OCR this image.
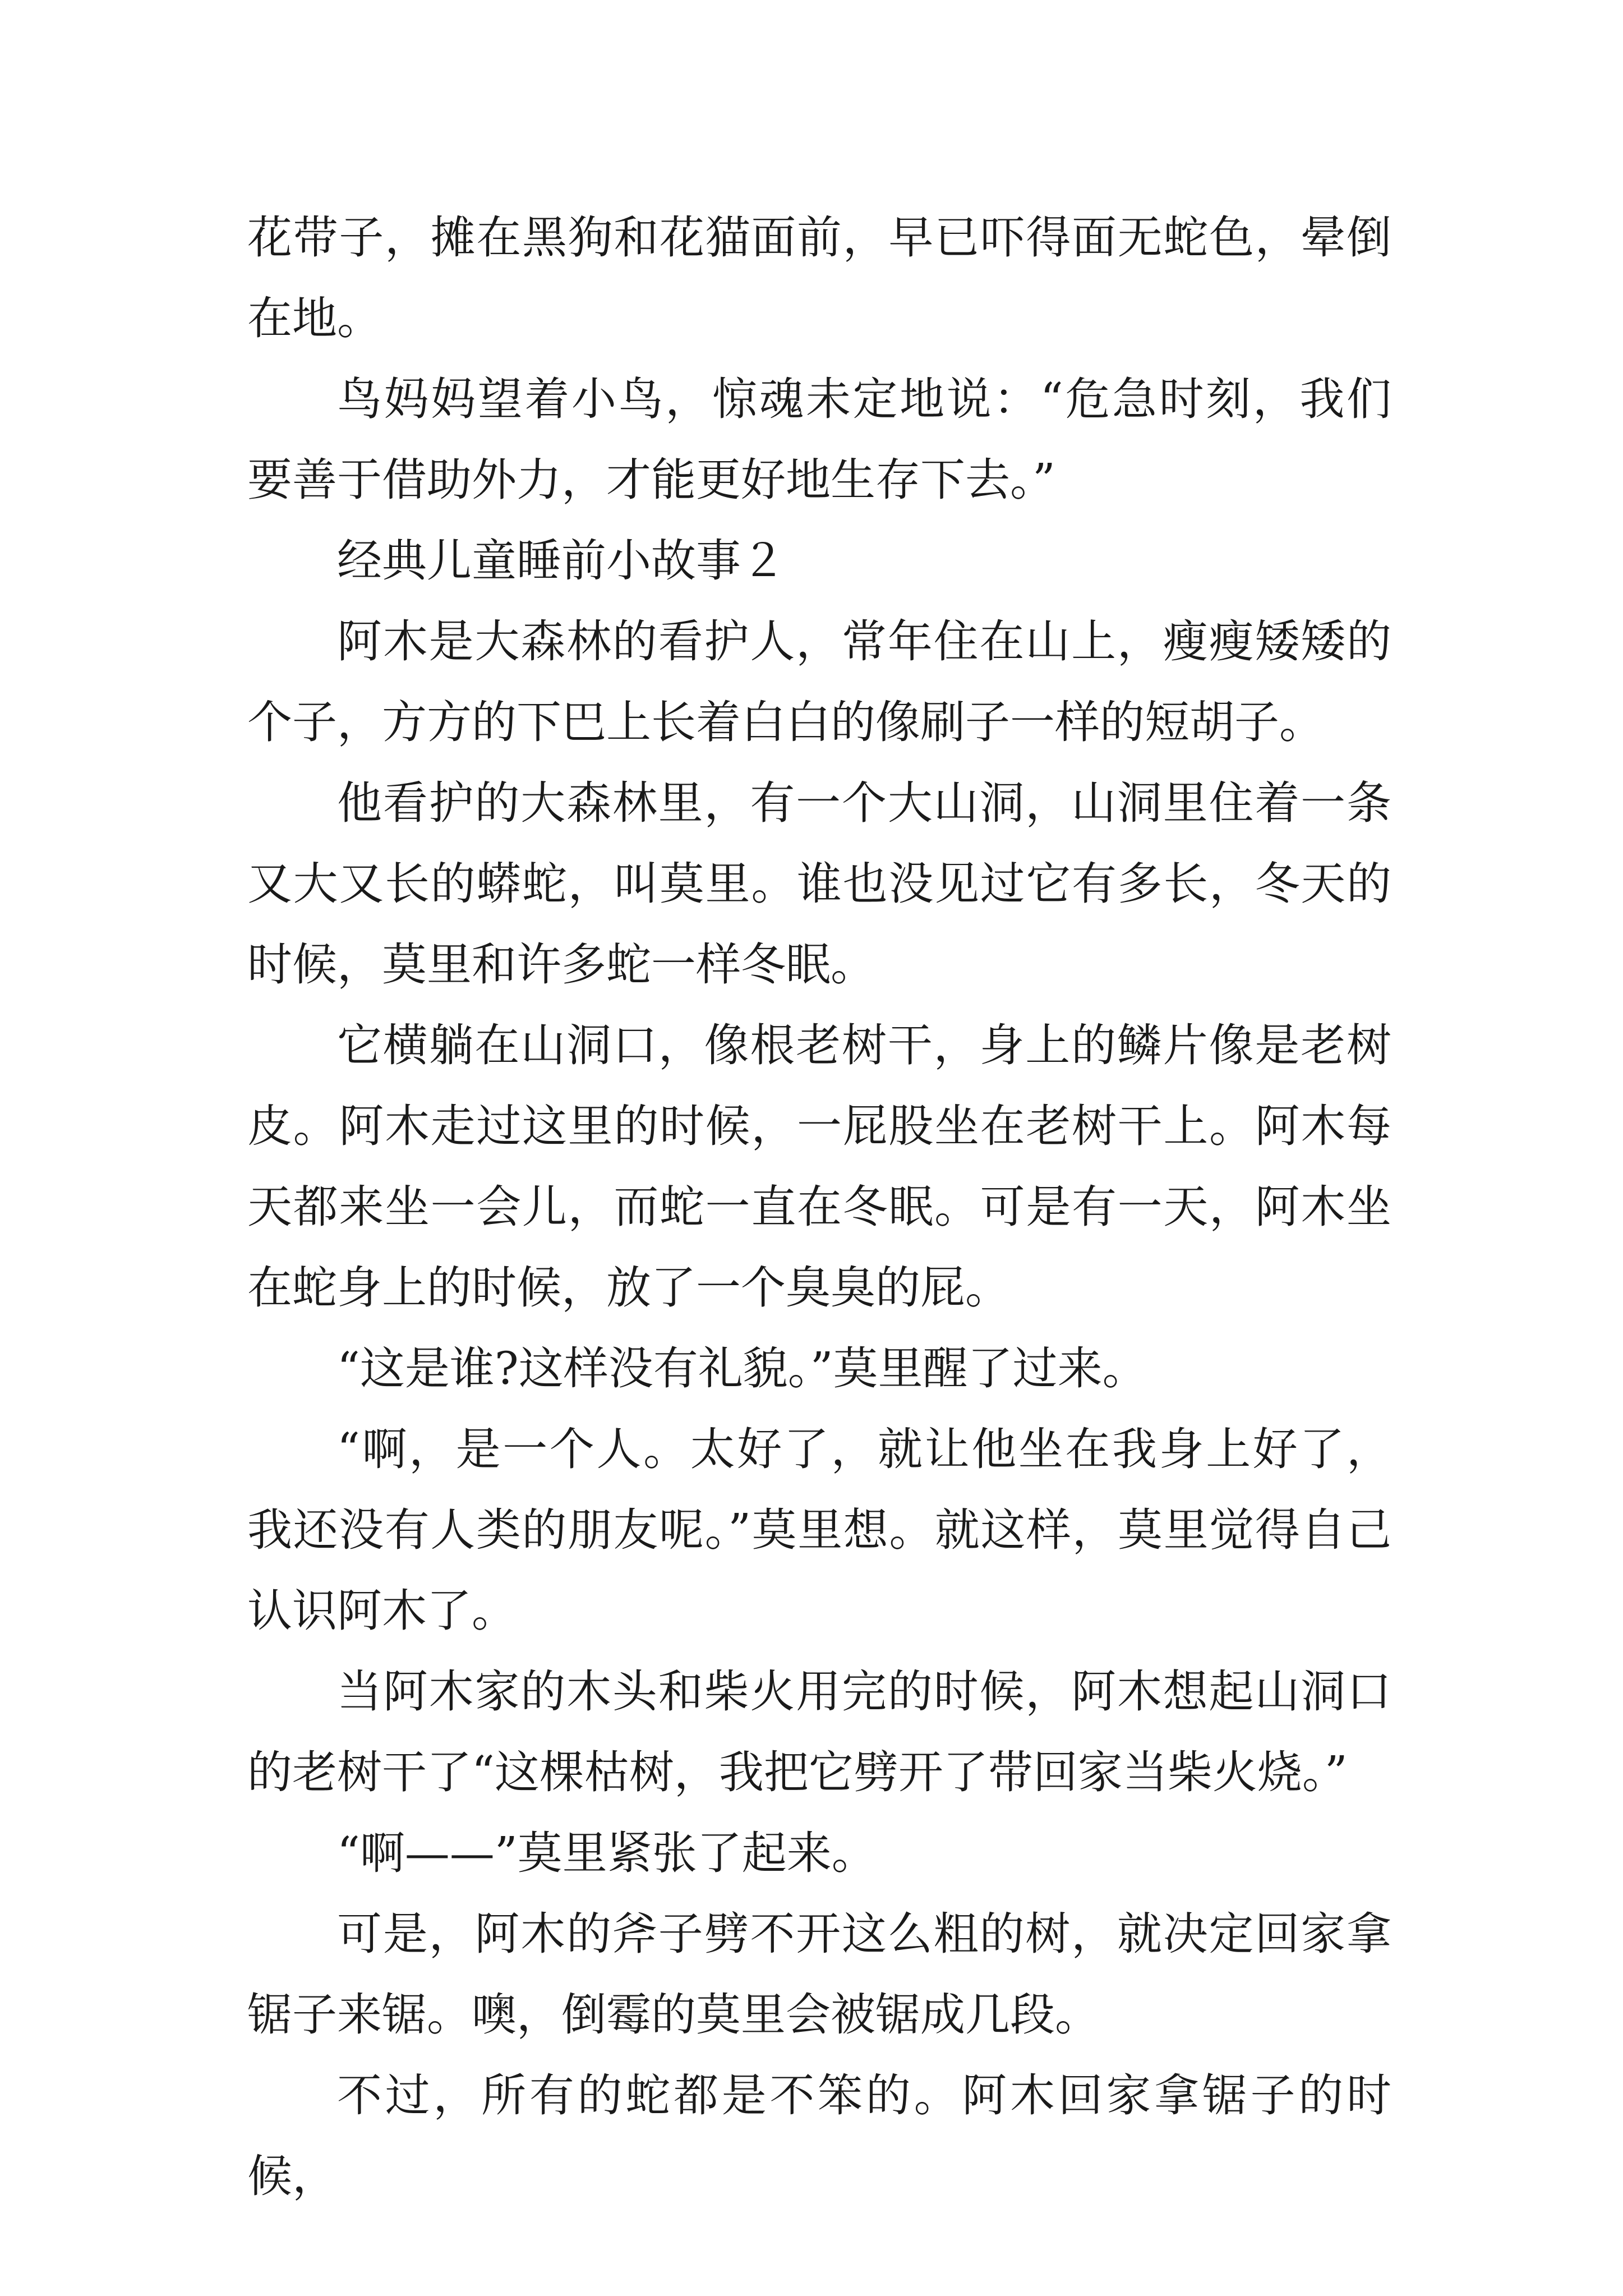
花带子，摊在黑狗和花猫面前，早已吓得面无蛇色，晕倒在地。

鸟妈妈望着小鸟，惊魂未定地说：“危急时刻，我们要善于借助外力，才能更好地生存下去。”

经典儿童睡前小故事２

阿木是大森林的看护人，常年住在山上，瘦瘦矮矮的个子，方方的下巴上长着白白的像刷子一样的短胡子。

他看护的大森林里，有一个大山洞，山洞里住着一条又大又长的蟒蛇，叫莫里。谁也没见过它有多长，冬天的时候，莫里和许多蛇一样冬眠。

它横躺在山洞口，像根老树干，身上的鳞片像是老树皮。阿木走过这里的时候，一屁股坐在老树干上。阿木每天都来坐一会儿，而蛇一直在冬眠。可是有一天，阿木坐在蛇身上的时候，放了一个臭臭的屁。

“这是谁?这样没有礼貌。”莫里醒了过来。

“啊，是一个人。太好了，就让他坐在我身上好了，我还没有人类的朋友呢。”莫里想。就这样，莫里觉得自己认识阿木了。

当阿木家的木头和柴火用完的时候，阿木想起山洞口的老树干了“这棵枯树，我把它劈开了带回家当柴火烧。”

“啊——”莫里紧张了起来。

可是，阿木的斧子劈不开这么粗的树，就决定回家拿锯子来锯。噢，倒霉的莫里会被锯成几段。

不过，所有的蛇都是不笨的。阿木回家拿锯子的时候，
